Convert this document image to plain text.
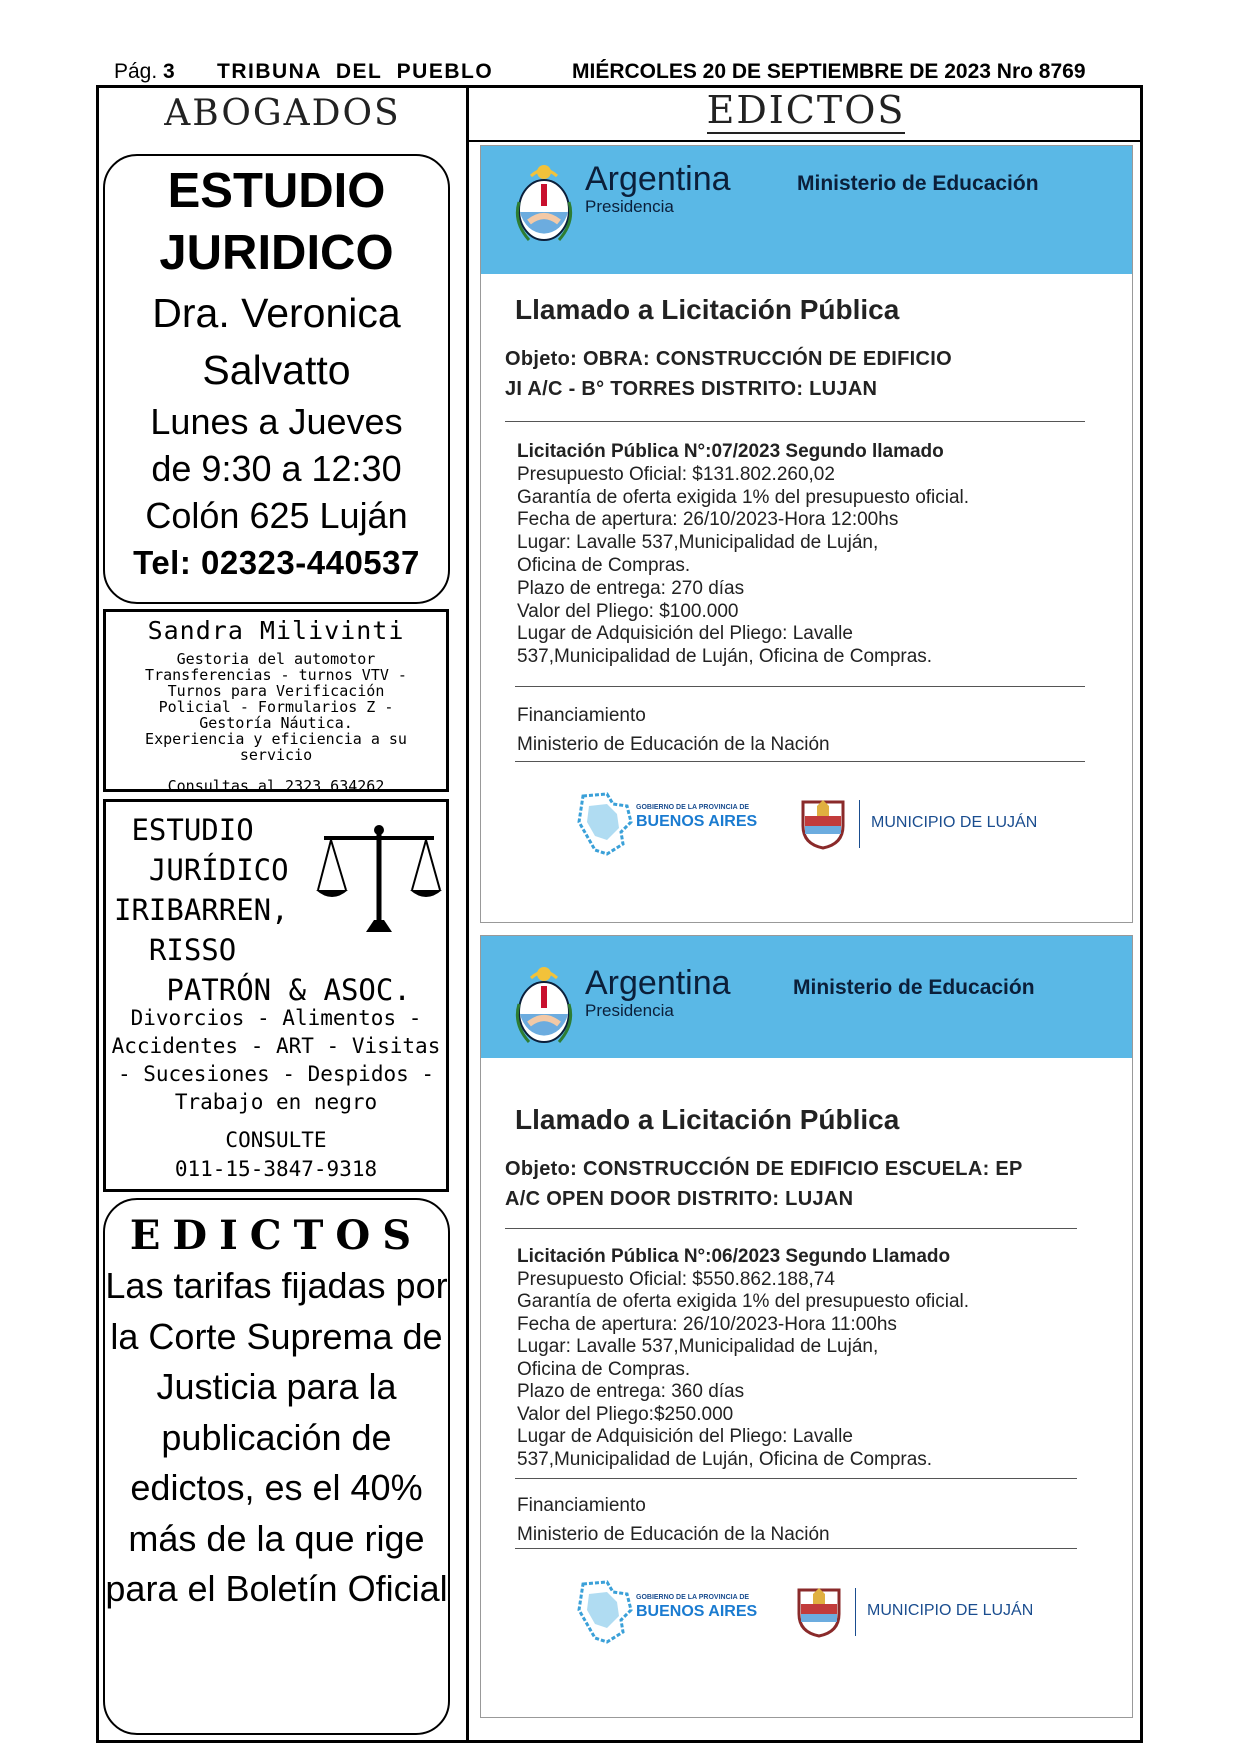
Pág. 3 TRIBUNA  DEL  PUEBLO	MIÉRCOLES 20 DE SEPTIEMBRE DE 2023 Nro 8769
ABOGADOS	EDICTOS
ESTUDIO
JURIDICO
Dra. Veronica
Salvatto
Lunes a Jueves
de 9:30 a 12:30
Colón 625 Luján
Tel: 02323-440537
Sandra Milivinti
Gestoria del automotor
Transferencias - turnos VTV -
Turnos para Verificación
Policial - Formularios Z -
Gestoría Náutica.
Experiencia y eficiencia a su
servicio
Consultas al 2323 634262
ESTUDIO
JURÍDICO
IRIBARREN,
RISSO
PATRÓN & ASOC.
Divorcios - Alimentos - Accidentes - ART - Visitas - Sucesiones - Despidos - Trabajo en negro
CONSULTE
011-15-3847-9318
EDICTOS
Las tarifas fijadas por la Corte Suprema de Justicia para la publicación de edictos, es el 40% más de la que rige para el Boletín Oficial
Argentina
Presidencia
Ministerio de Educación
Llamado a Licitación Pública
Objeto: OBRA: CONSTRUCCIÓN DE EDIFICIO
JI A/C - B° TORRES DISTRITO: LUJAN
Licitación Pública N°:07/2023 Segundo llamado
Presupuesto Oficial: $131.802.260,02
Garantía de oferta exigida 1% del presupuesto oficial.
Fecha de apertura: 26/10/2023-Hora 12:00hs
Lugar: Lavalle 537,Municipalidad de Luján,
Oficina de Compras.
Plazo de entrega: 270 días
Valor del Pliego: $100.000
Lugar de Adquisición del Pliego: Lavalle
537,Municipalidad de Luján, Oficina de Compras.
Financiamiento
Ministerio de Educación de la Nación
GOBIERNO DE LA PROVINCIA DE
BUENOS AIRES	MUNICIPIO DE LUJÁN
Argentina
Presidencia
Ministerio de Educación
Llamado a Licitación Pública
Objeto: CONSTRUCCIÓN DE EDIFICIO ESCUELA: EP
A/C OPEN DOOR DISTRITO: LUJAN
Licitación Pública N°:06/2023 Segundo Llamado
Presupuesto Oficial: $550.862.188,74
Garantía de oferta exigida 1% del presupuesto oficial.
Fecha de apertura: 26/10/2023-Hora 11:00hs
Lugar: Lavalle 537,Municipalidad de Luján,
Oficina de Compras.
Plazo de entrega: 360 días
Valor del Pliego:$250.000
Lugar de Adquisición del Pliego: Lavalle
537,Municipalidad de Luján, Oficina de Compras.
Financiamiento
Ministerio de Educación de la Nación
GOBIERNO DE LA PROVINCIA DE
BUENOS AIRES	MUNICIPIO DE LUJÁN
